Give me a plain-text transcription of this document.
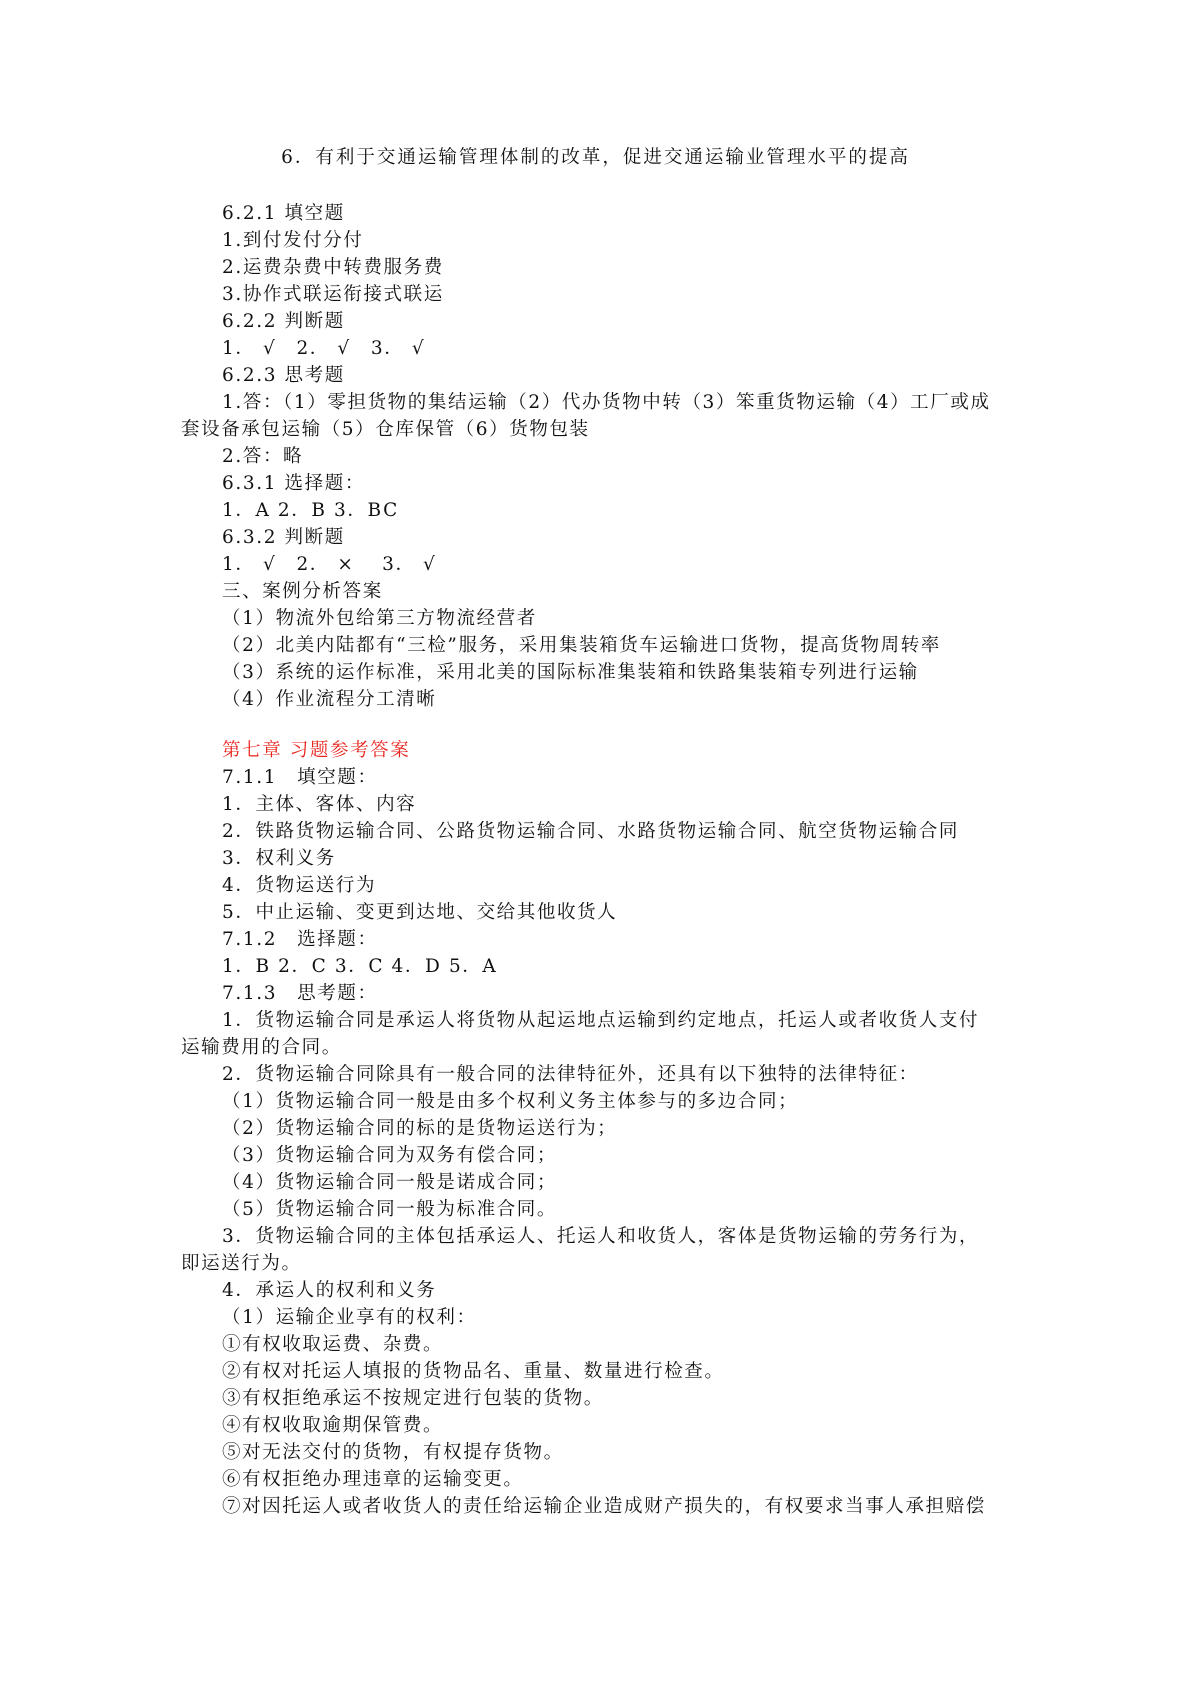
6．有利于交通运输管理体制的改革，促进交通运输业管理水平的提高
6.2.1 填空题
1.到付发付分付
2.运费杂费中转费服务费
3.协作式联运衔接式联运
6.2.2 判断题
1． √　2． √　3． √
6.2.3 思考题
1.答：（1）零担货物的集结运输（2）代办货物中转（3）笨重货物运输（4）工厂或成
套设备承包运输（5）仓库保管（6）货物包装
2.答：略
6.3.1 选择题：
1．A 2．B 3．BC
6.3.2 判断题
1． √　2． ×　 3． √
三、案例分析答案
（1）物流外包给第三方物流经营者
（2）北美内陆都有“三检”服务，采用集装箱货车运输进口货物，提高货物周转率
（3）系统的运作标准，采用北美的国际标准集装箱和铁路集装箱专列进行运输
（4）作业流程分工清晰
第七章 习题参考答案
7.1.1　填空题：
1．主体、客体、内容
2．铁路货物运输合同、公路货物运输合同、水路货物运输合同、航空货物运输合同
3．权利义务
4．货物运送行为
5．中止运输、变更到达地、交给其他收货人
7.1.2　选择题：
1．B 2．C 3．C 4．D 5．A
7.1.3　思考题：
1．货物运输合同是承运人将货物从起运地点运输到约定地点，托运人或者收货人支付
运输费用的合同。
2．货物运输合同除具有一般合同的法律特征外，还具有以下独特的法律特征：
（1）货物运输合同一般是由多个权利义务主体参与的多边合同；
（2）货物运输合同的标的是货物运送行为；
（3）货物运输合同为双务有偿合同；
（4）货物运输合同一般是诺成合同；
（5）货物运输合同一般为标准合同。
3．货物运输合同的主体包括承运人、托运人和收货人，客体是货物运输的劳务行为，
即运送行为。
4．承运人的权利和义务
（1）运输企业享有的权利：
①有权收取运费、杂费。
②有权对托运人填报的货物品名、重量、数量进行检查。
③有权拒绝承运不按规定进行包装的货物。
④有权收取逾期保管费。
⑤对无法交付的货物，有权提存货物。
⑥有权拒绝办理违章的运输变更。
⑦对因托运人或者收货人的责任给运输企业造成财产损失的，有权要求当事人承担赔偿
